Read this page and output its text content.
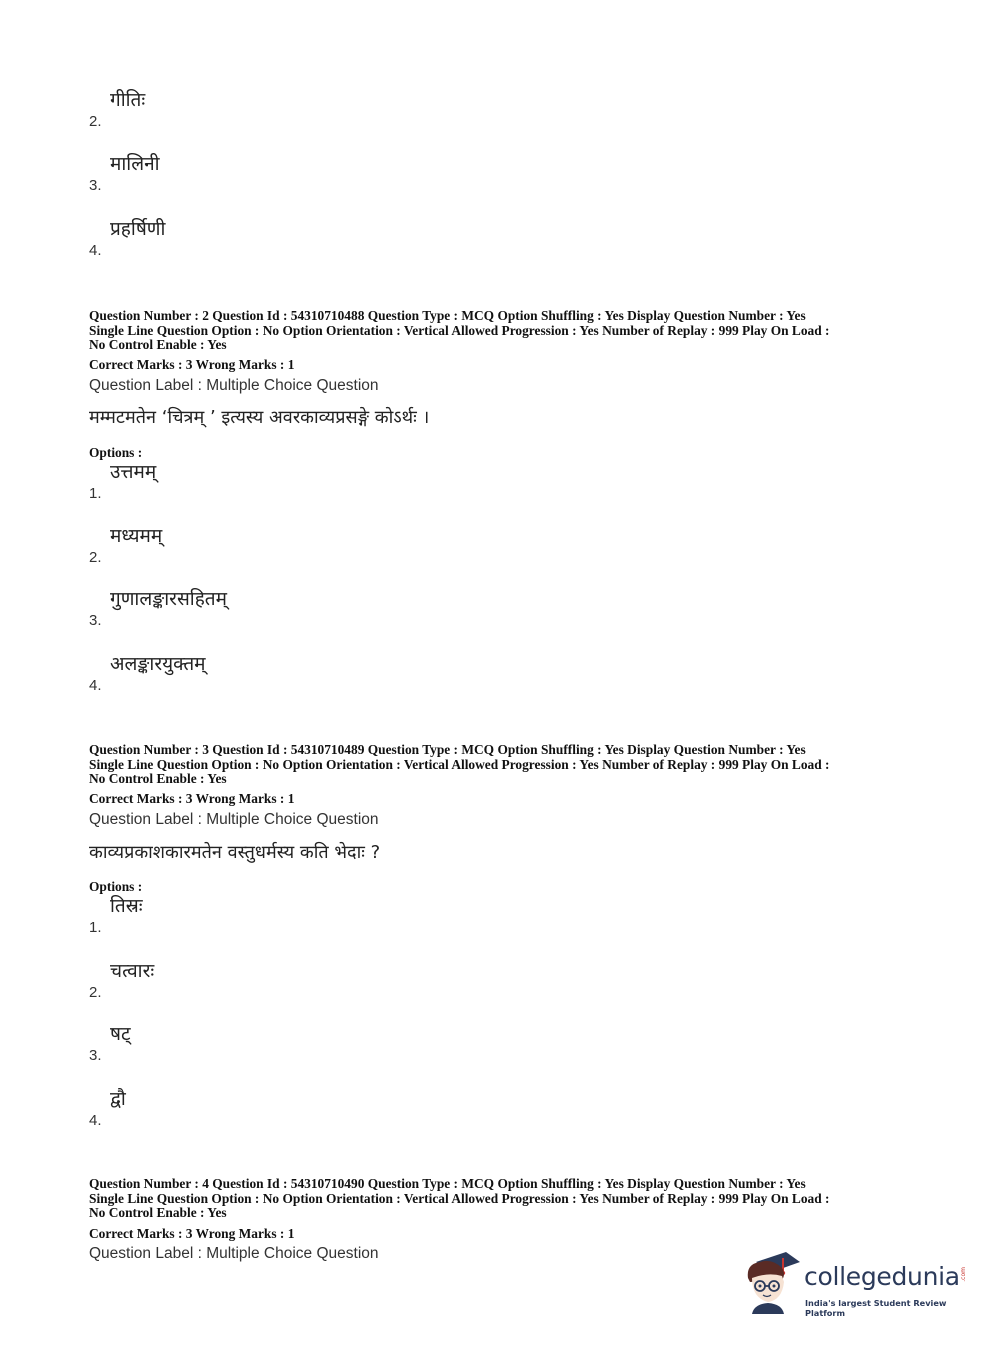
2.
गीतिः
3.
मालिनी
4.
प्रहर्षिणी
Question Number : 2 Question Id : 54310710488 Question Type : MCQ Option Shuffling : Yes Display Question Number : Yes
Single Line Question Option : No Option Orientation : Vertical Allowed Progression : Yes Number of Replay : 999 Play On Load :
No Control Enable : Yes
Correct Marks : 3 Wrong Marks : 1
Question Label : Multiple Choice Question
मम्मटमतेन ‘चित्रम् ’ इत्यस्य अवरकाव्यप्रसङ्गे कोऽर्थः ।
Options :
1.
उत्तमम्
2.
मध्यमम्
3.
गुणालङ्कारसहितम्
4.
अलङ्कारयुक्तम्
Question Number : 3 Question Id : 54310710489 Question Type : MCQ Option Shuffling : Yes Display Question Number : Yes
Single Line Question Option : No Option Orientation : Vertical Allowed Progression : Yes Number of Replay : 999 Play On Load :
No Control Enable : Yes
Correct Marks : 3 Wrong Marks : 1
Question Label : Multiple Choice Question
काव्यप्रकाशकारमतेन वस्तुधर्मस्य कति भेदाः ?
Options :
1.
तिस्रः
2.
चत्वारः
3.
षट्
4.
द्वौ
Question Number : 4 Question Id : 54310710490 Question Type : MCQ Option Shuffling : Yes Display Question Number : Yes
Single Line Question Option : No Option Orientation : Vertical Allowed Progression : Yes Number of Replay : 999 Play On Load :
No Control Enable : Yes
Correct Marks : 3 Wrong Marks : 1
Question Label : Multiple Choice Question
collegedunia .com
India's largest Student Review Platform
